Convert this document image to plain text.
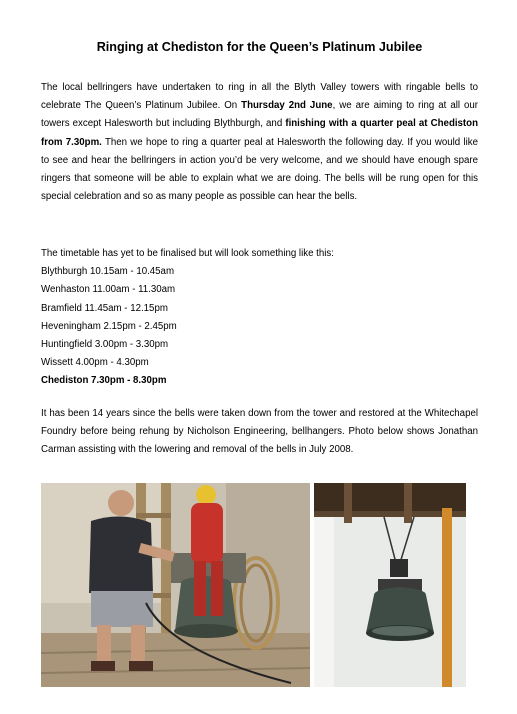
Ringing at Chediston for the Queen’s Platinum Jubilee
The local bellringers have undertaken to ring in all the Blyth Valley towers with ringable bells to celebrate The Queen’s Platinum Jubilee. On Thursday 2nd June, we are aiming to ring at all our towers except Halesworth but including Blythburgh, and finishing with a quarter peal at Chediston from 7.30pm. Then we hope to ring a quarter peal at Halesworth the following day. If you would like to see and hear the bellringers in action you’d be very welcome, and we should have enough spare ringers that someone will be able to explain what we are doing. The bells will be rung open for this special celebration and so as many people as possible can hear the bells.
The timetable has yet to be finalised but will look something like this:
Blythburgh 10.15am - 10.45am
Wenhaston 11.00am - 11.30am
Bramfield 11.45am - 12.15pm
Heveningham 2.15pm - 2.45pm
Huntingfield 3.00pm - 3.30pm
Wissett 4.00pm - 4.30pm
Chediston 7.30pm - 8.30pm
It has been 14 years since the bells were taken down from the tower and restored at the Whitechapel Foundry before being rehung by Nicholson Engineering, bellhangers. Photo below shows Jonathan Carman assisting with the lowering and removal of the bells in July 2008.
